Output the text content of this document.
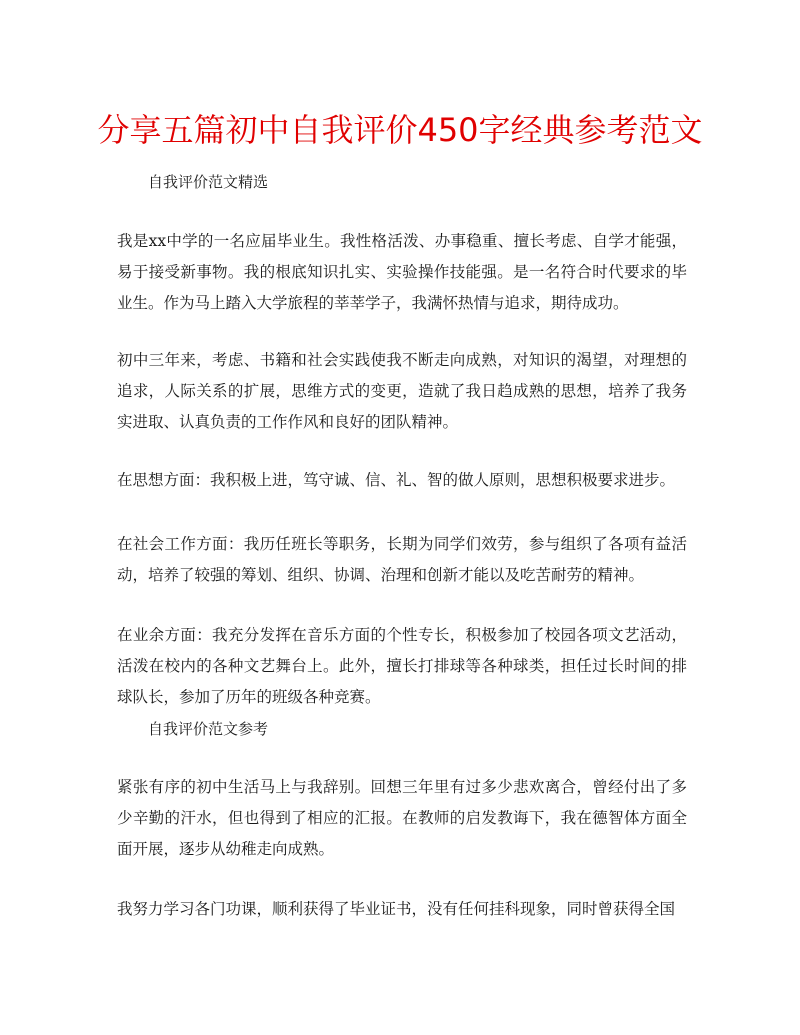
分享五篇初中自我评价450字经典参考范文

自我评价范文精选

我是xx中学的一名应届毕业生。我性格活泼、办事稳重、擅长考虑、自学才能强，易于接受新事物。我的根底知识扎实、实验操作技能强。是一名符合时代要求的毕业生。作为马上踏入大学旅程的莘莘学子，我满怀热情与追求，期待成功。

初中三年来，考虑、书籍和社会实践使我不断走向成熟，对知识的渴望，对理想的追求，人际关系的扩展，思维方式的变更，造就了我日趋成熟的思想，培养了我务实进取、认真负责的工作作风和良好的团队精神。

在思想方面：我积极上进，笃守诚、信、礼、智的做人原则，思想积极要求进步。

在社会工作方面：我历任班长等职务，长期为同学们效劳，参与组织了各项有益活动，培养了较强的筹划、组织、协调、治理和创新才能以及吃苦耐劳的精神。

在业余方面：我充分发挥在音乐方面的个性专长，积极参加了校园各项文艺活动，活泼在校内的各种文艺舞台上。此外，擅长打排球等各种球类，担任过长时间的排球队长，参加了历年的班级各种竞赛。

自我评价范文参考

紧张有序的初中生活马上与我辞别。回想三年里有过多少悲欢离合，曾经付出了多少辛勤的汗水，但也得到了相应的汇报。在教师的启发教诲下，我在德智体方面全面开展，逐步从幼稚走向成熟。

我努力学习各门功课，顺利获得了毕业证书，没有任何挂科现象，同时曾获得全国
